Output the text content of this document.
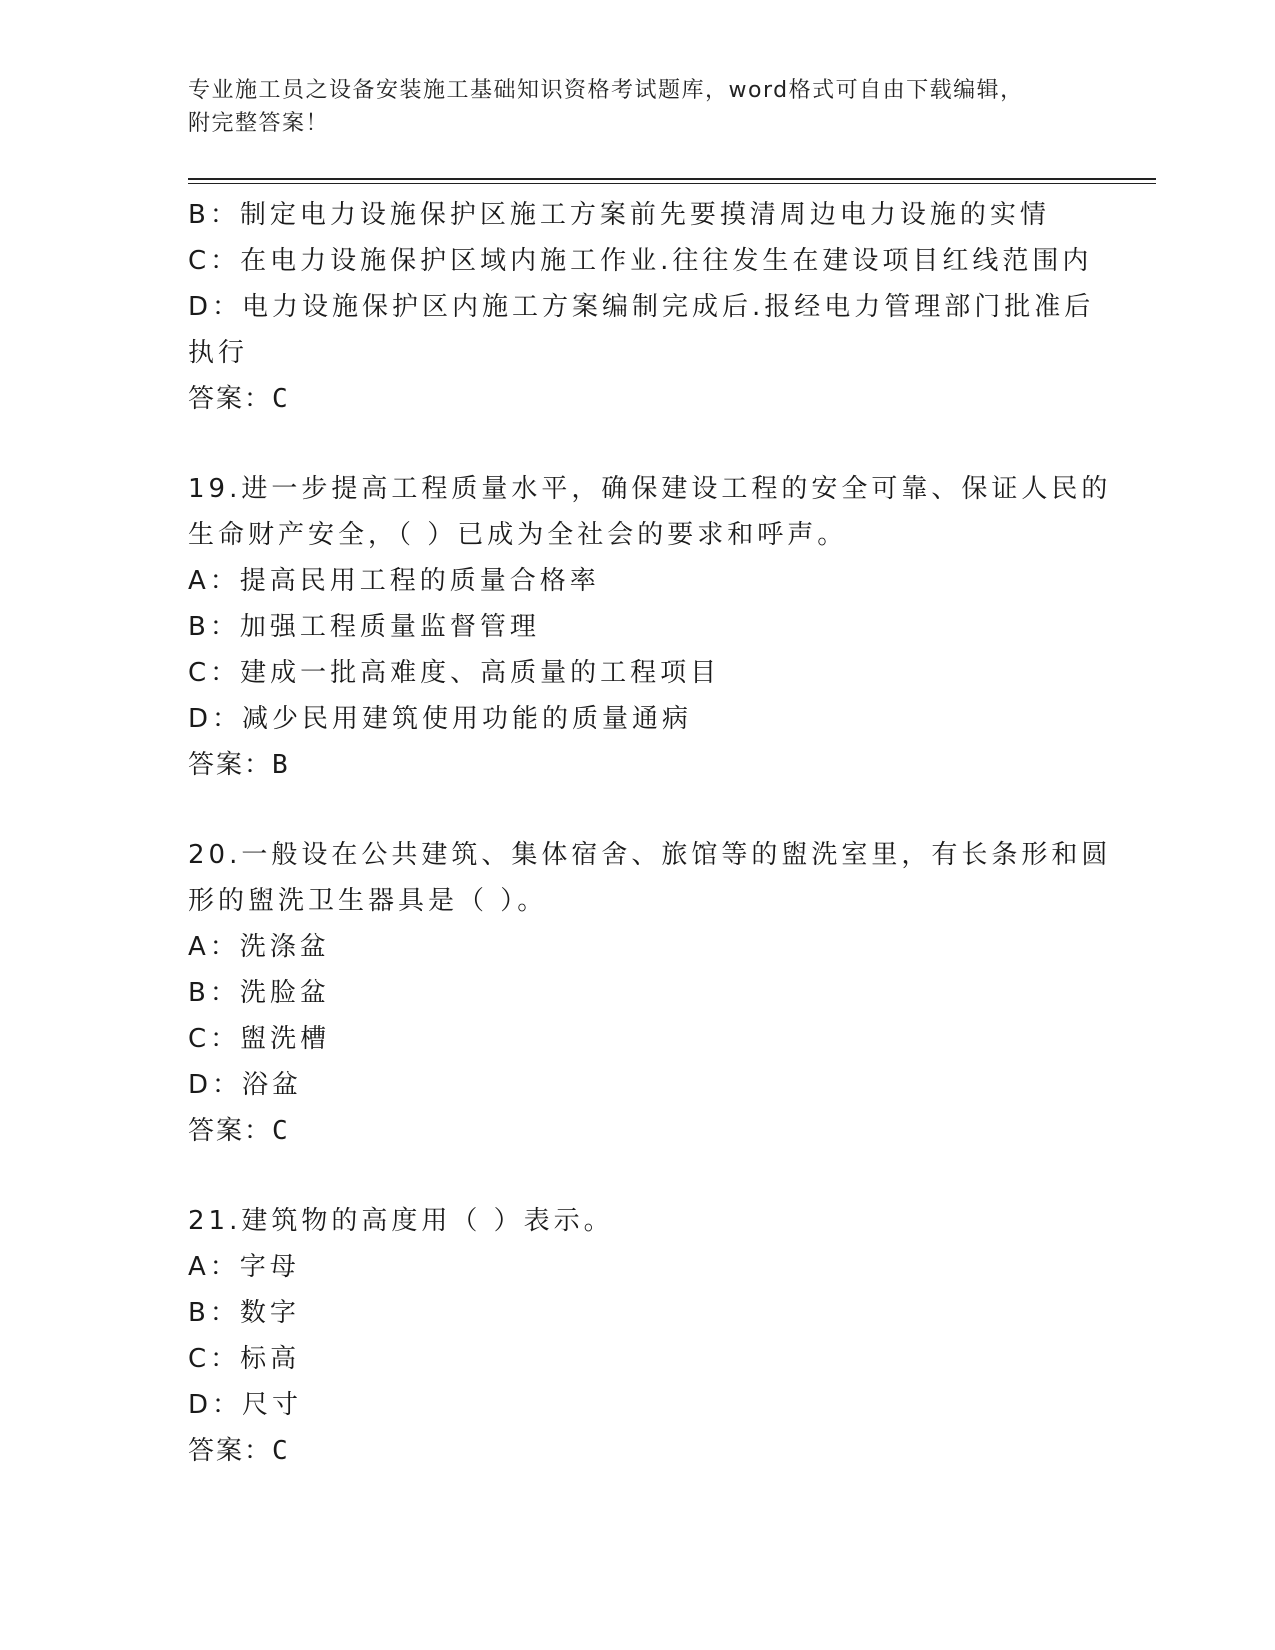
专业施工员之设备安装施工基础知识资格考试题库，word格式可自由下载编辑，
附完整答案！
B：制定电力设施保护区施工方案前先要摸清周边电力设施的实情
C：在电力设施保护区域内施工作业.往往发生在建设项目红线范围内
D：电力设施保护区内施工方案编制完成后.报经电力管理部门批准后
执行
答案：C
19.进一步提高工程质量水平，确保建设工程的安全可靠、保证人民的
生命财产安全，（ ）已成为全社会的要求和呼声。
A：提高民用工程的质量合格率
B：加强工程质量监督管理
C：建成一批高难度、高质量的工程项目
D：减少民用建筑使用功能的质量通病
答案：B
20.一般设在公共建筑、集体宿舍、旅馆等的盥洗室里，有长条形和圆
形的盥洗卫生器具是（ ）。
A：洗涤盆
B：洗脸盆
C：盥洗槽
D：浴盆
答案：C
21.建筑物的高度用（ ）表示。
A：字母
B：数字
C：标高
D：尺寸
答案：C
